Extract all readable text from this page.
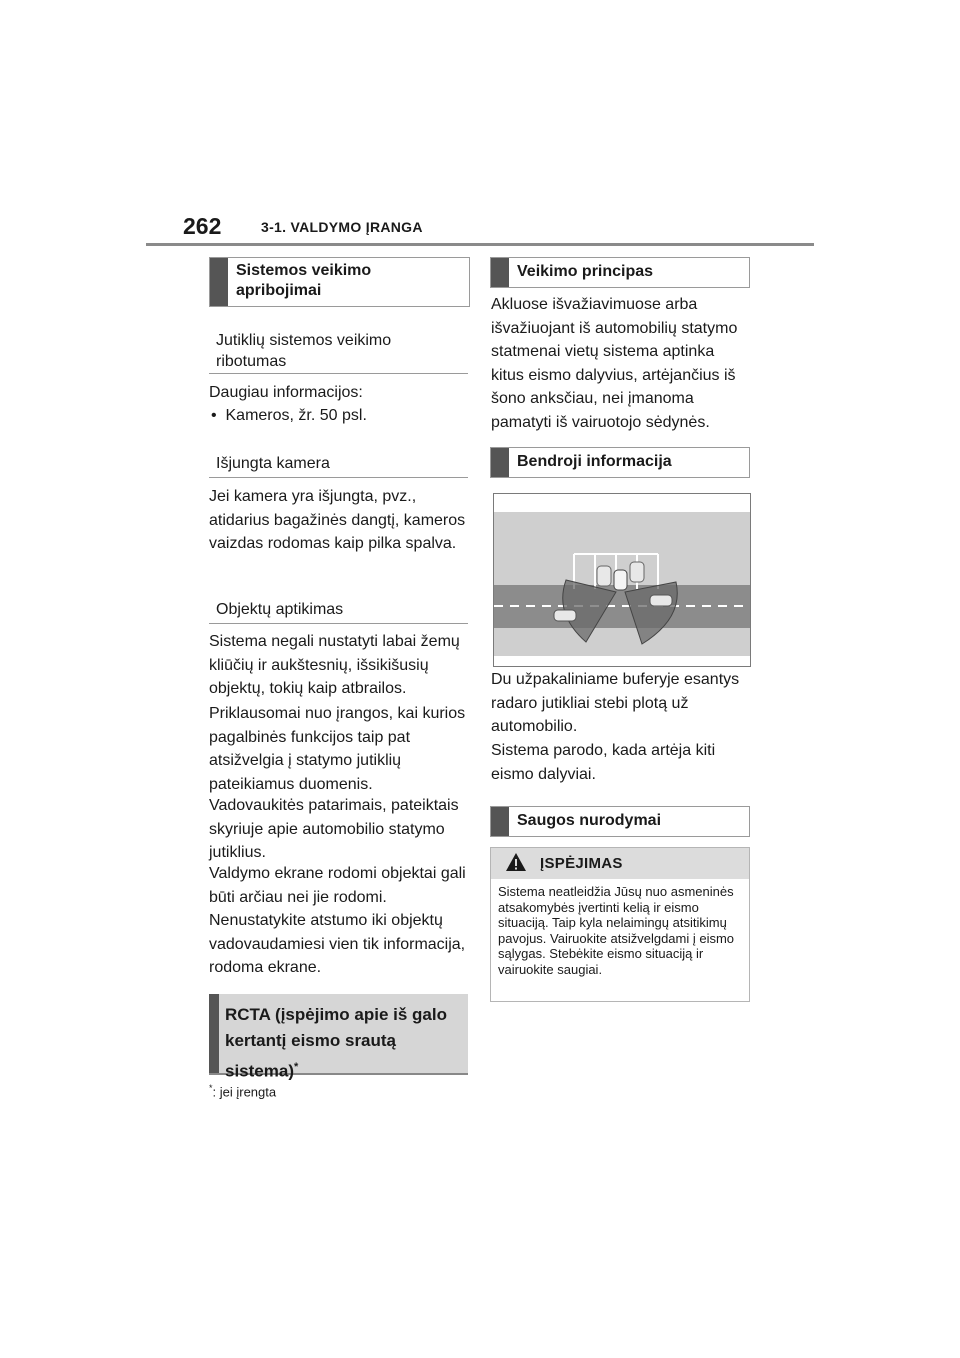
262	3-1. VALDYMO ĮRANGA
Sistemos veikimo apribojimai
Jutiklių sistemos veikimo ribotumas
Daugiau informacijos:
•  Kameros, žr. 50 psl.
Išjungta kamera
Jei kamera yra išjungta, pvz., atidarius bagažinės dangtį, kameros vaizdas rodomas kaip pilka spalva.
Objektų aptikimas
Sistema negali nustatyti labai žemų kliūčių ir aukštesnių, išsikišusių objektų, tokių kaip atbrailos.
Priklausomai nuo įrangos, kai kurios pagalbinės funkcijos taip pat atsižvelgia į statymo jutiklių pateikiamus duomenis.
Vadovaukitės patarimais, pateiktais skyriuje apie automobilio statymo jutiklius.
Valdymo ekrane rodomi objektai gali būti arčiau nei jie rodomi. Nenustatykite atstumo iki objektų vadovaudamiesi vien tik informacija, rodoma ekrane.
RCTA (įspėjimo apie iš galo kertantį eismo srautą sistema)*
*: jei įrengta
Veikimo principas
Akluose išvažiavimuose arba išvažiuojant iš automobilių statymo statmenai vietų sistema aptinka kitus eismo dalyvius, artėjančius iš šono anksčiau, nei įmanoma pamatyti iš vairuotojo sėdynės.
Bendroji informacija
Du užpakaliniame buferyje esantys radaro jutikliai stebi plotą už automobilio.
Sistema parodo, kada artėja kiti eismo dalyviai.
Saugos nurodymai
ĮSPĖJIMAS
Sistema neatleidžia Jūsų nuo asmeninės atsakomybės įvertinti kelią ir eismo situaciją. Taip kyla nelaimingų atsitikimų pavojus. Vairuokite atsižvelgdami į eismo sąlygas. Stebėkite eismo situaciją ir vairuokite saugiai.
